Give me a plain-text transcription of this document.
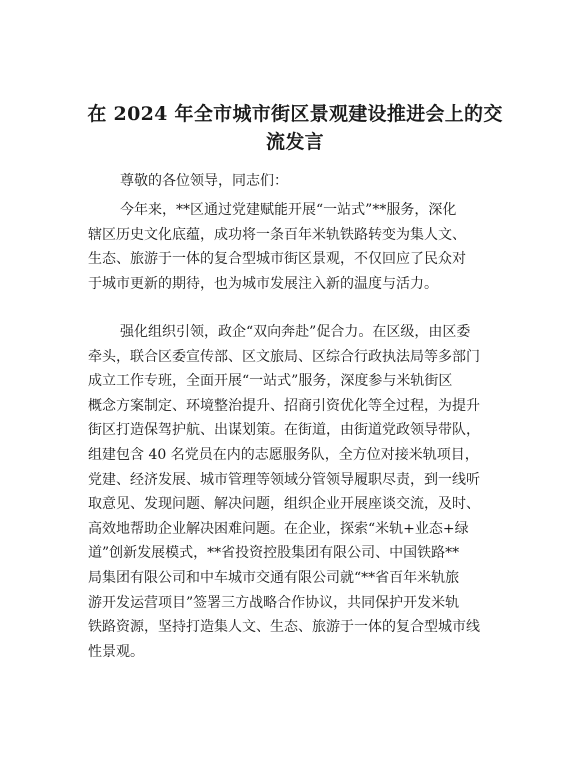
在 2024 年全市城市街区景观建设推进会上的交
流发言

尊敬的各位领导，同志们：

今年来，**区通过党建赋能开展“一站式”**服务，深化
辖区历史文化底蕴，成功将一条百年米轨铁路转变为集人文、
生态、旅游于一体的复合型城市街区景观，不仅回应了民众对
于城市更新的期待，也为城市发展注入新的温度与活力。
强化组织引领，政企“双向奔赴”促合力。在区级，由区委
牵头，联合区委宣传部、区文旅局、区综合行政执法局等多部门
成立工作专班，全面开展“一站式”服务，深度参与米轨街区
概念方案制定、环境整治提升、招商引资优化等全过程，为提升
街区打造保驾护航、出谋划策。在街道，由街道党政领导带队，
组建包含 40 名党员在内的志愿服务队，全方位对接米轨项目，
党建、经济发展、城市管理等领域分管领导履职尽责，到一线听
取意见、发现问题、解决问题，组织企业开展座谈交流，及时、
高效地帮助企业解决困难问题。在企业，探索“米轨+业态+绿
道”创新发展模式，**省投资控股集团有限公司、中国铁路**
局集团有限公司和中车城市交通有限公司就“**省百年米轨旅
游开发运营项目”签署三方战略合作协议，共同保护开发米轨
铁路资源，坚持打造集人文、生态、旅游于一体的复合型城市线
性景观。
